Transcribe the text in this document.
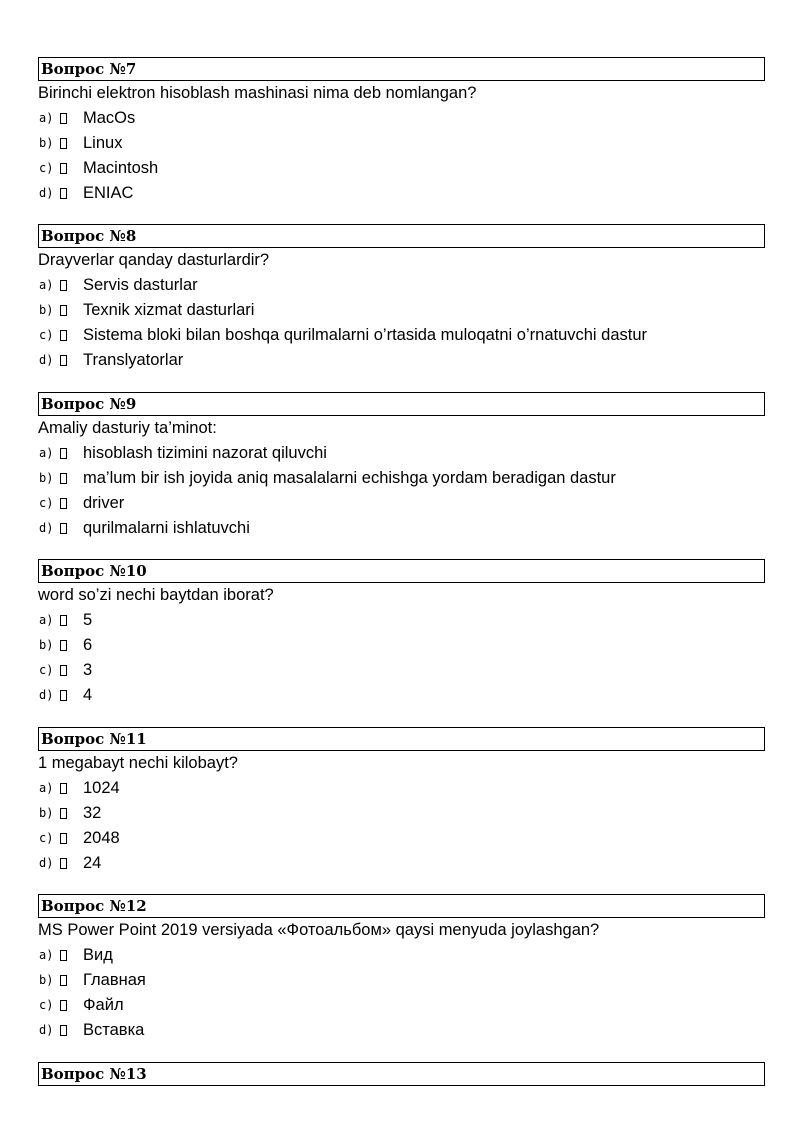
Вопрос №7
Birinchi elektron hisoblash mashinasi nima deb nomlangan?
a) MacOs
b) Linux
c) Macintosh
d) ENIAC
Вопрос №8
Drayverlar qanday dasturlardir?
a) Servis dasturlar
b) Texnik xizmat dasturlari
c) Sistema bloki bilan boshqa qurilmalarni o’rtasida muloqatni o’rnatuvchi dastur
d) Translyatorlar
Вопрос №9
Amaliy dasturiy ta’minot:
a) hisoblash tizimini nazorat qiluvchi
b) ma’lum bir ish joyida aniq masalalarni echishga yordam beradigan dastur
c) driver
d) qurilmalarni ishlatuvchi
Вопрос №10
word so’zi nechi baytdan iborat?
a) 5
b) 6
c) 3
d) 4
Вопрос №11
1 megabayt nechi kilobayt?
a) 1024
b) 32
c) 2048
d) 24
Вопрос №12
MS Power Point 2019 versiyada «Фотоальбом» qaysi menyuda joylashgan?
a) Вид
b) Главная
c) Файл
d) Вставка
Вопрос №13
